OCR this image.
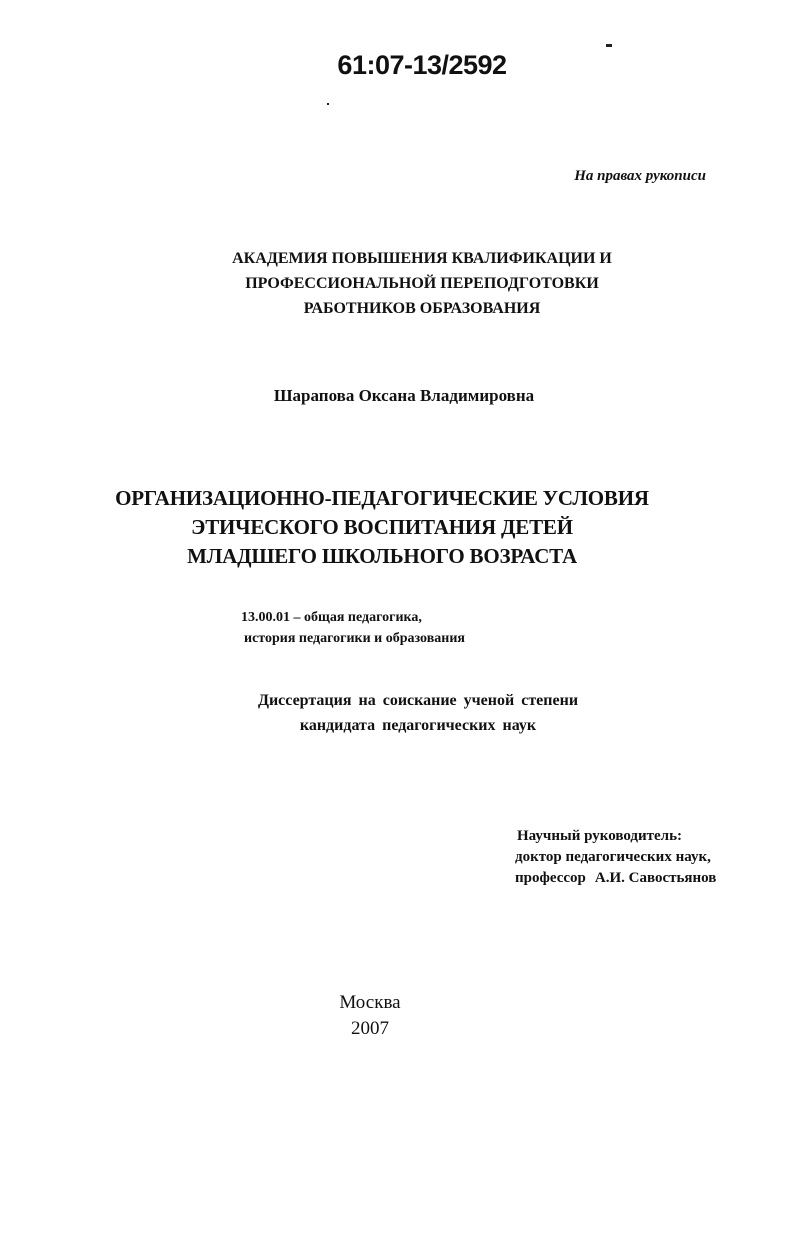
61:07-13/2592
На правах рукописи
АКАДЕМИЯ ПОВЫШЕНИЯ КВАЛИФИКАЦИИ И
ПРОФЕССИОНАЛЬНОЙ ПЕРЕПОДГОТОВКИ
РАБОТНИКОВ ОБРАЗОВАНИЯ
Шарапова Оксана Владимировна
ОРГАНИЗАЦИОННО-ПЕДАГОГИЧЕСКИЕ УСЛОВИЯ
ЭТИЧЕСКОГО ВОСПИТАНИЯ ДЕТЕЙ
МЛАДШЕГО ШКОЛЬНОГО ВОЗРАСТА
13.00.01 – общая педагогика,
история педагогики и образования
Диссертация на соискание ученой степени
кандидата педагогических наук
Научный руководитель:
доктор педагогических наук,
профессор А.И. Савостьянов
Москва
2007
